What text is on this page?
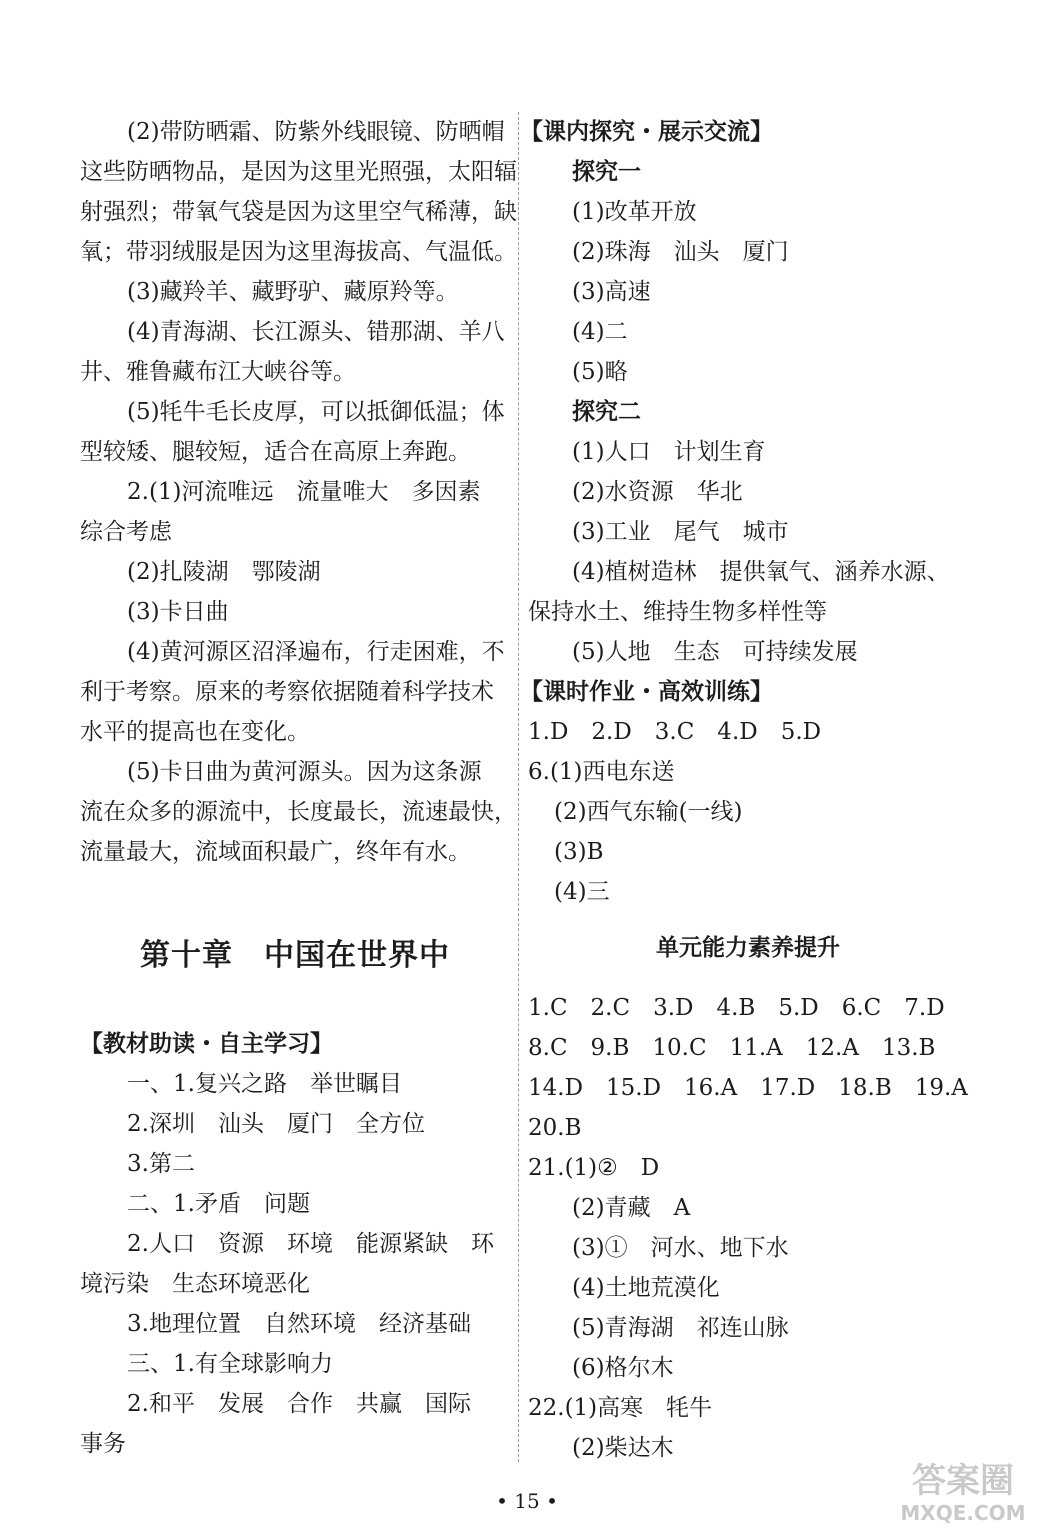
(2)带防晒霜、防紫外线眼镜、防晒帽
这些防晒物品，是因为这里光照强，太阳辐
射强烈；带氧气袋是因为这里空气稀薄，缺
氧；带羽绒服是因为这里海拔高、气温低。
(3)藏羚羊、藏野驴、藏原羚等。
(4)青海湖、长江源头、错那湖、羊八
井、雅鲁藏布江大峡谷等。
(5)牦牛毛长皮厚，可以抵御低温；体
型较矮、腿较短，适合在高原上奔跑。
2.(1)河流唯远　流量唯大　多因素
综合考虑
(2)扎陵湖　鄂陵湖
(3)卡日曲
(4)黄河源区沼泽遍布，行走困难，不
利于考察。原来的考察依据随着科学技术
水平的提高也在变化。
(5)卡日曲为黄河源头。因为这条源
流在众多的源流中，长度最长，流速最快，
流量最大，流域面积最广，终年有水。
第十章　中国在世界中
【教材助读・自主学习】
一、1.复兴之路　举世瞩目
2.深圳　汕头　厦门　全方位
3.第二
二、1.矛盾　问题
2.人口　资源　环境　能源紧缺　环
境污染　生态环境恶化
3.地理位置　自然环境　经济基础
三、1.有全球影响力
2.和平　发展　合作　共赢　国际
事务
【课内探究・展示交流】
探究一
(1)改革开放
(2)珠海　汕头　厦门
(3)高速
(4)二
(5)略
探究二
(1)人口　计划生育
(2)水资源　华北
(3)工业　尾气　城市
(4)植树造林　提供氧气、涵养水源、
保持水土、维持生物多样性等
(5)人地　生态　可持续发展
【课时作业・高效训练】
1.D　2.D　3.C　4.D　5.D
6.(1)西电东送
(2)西气东输(一线)
(3)B
(4)三
单元能力素养提升
1.C　2.C　3.D　4.B　5.D　6.C　7.D
8.C　9.B　10.C　11.A　12.A　13.B
14.D　15.D　16.A　17.D　18.B　19.A
20.B
21.(1)②　D
(2)青藏　A
(3)①　河水、地下水
(4)土地荒漠化
(5)青海湖　祁连山脉
(6)格尔木
22.(1)高寒　牦牛
(2)柴达木
• 15 •	答案圈
MXQE.COM
